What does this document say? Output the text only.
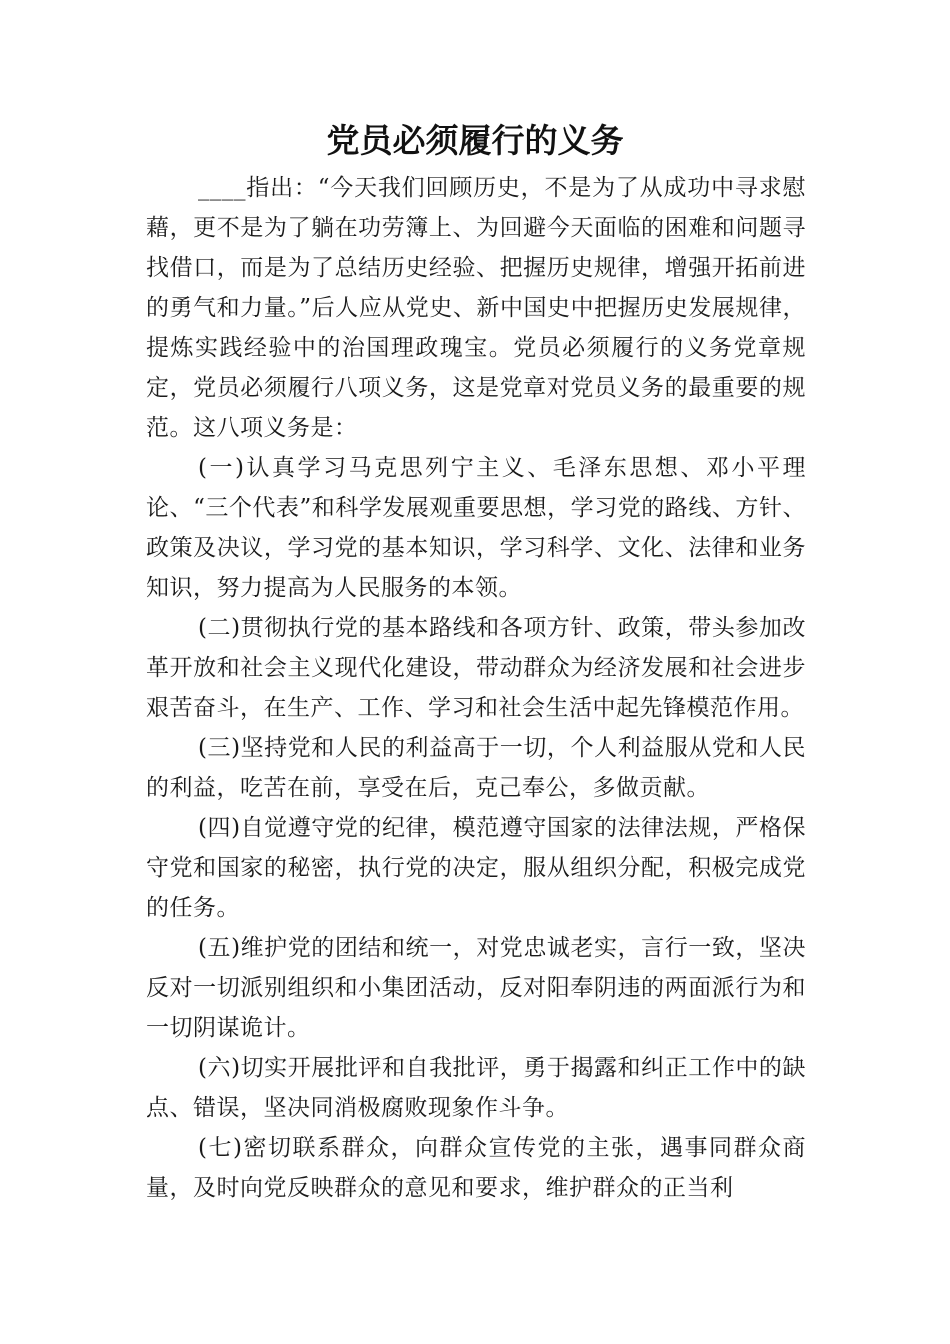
党员必须履行的义务

____指出：“今天我们回顾历史，不是为了从成功中寻求慰藉，更不是为了躺在功劳簿上、为回避今天面临的困难和问题寻找借口，而是为了总结历史经验、把握历史规律，增强开拓前进的勇气和力量。”后人应从党史、新中国史中把握历史发展规律，提炼实践经验中的治国理政瑰宝。党员必须履行的义务党章规定，党员必须履行八项义务，这是党章对党员义务的最重要的规范。这八项义务是：

(一)认真学习马克思列宁主义、毛泽东思想、邓小平理论、“三个代表”和科学发展观重要思想，学习党的路线、方针、政策及决议，学习党的基本知识，学习科学、文化、法律和业务知识，努力提高为人民服务的本领。

(二)贯彻执行党的基本路线和各项方针、政策，带头参加改革开放和社会主义现代化建设，带动群众为经济发展和社会进步艰苦奋斗，在生产、工作、学习和社会生活中起先锋模范作用。

(三)坚持党和人民的利益高于一切，个人利益服从党和人民的利益，吃苦在前，享受在后，克己奉公，多做贡献。

(四)自觉遵守党的纪律，模范遵守国家的法律法规，严格保守党和国家的秘密，执行党的决定，服从组织分配，积极完成党的任务。

(五)维护党的团结和统一，对党忠诚老实，言行一致，坚决反对一切派别组织和小集团活动，反对阳奉阴违的两面派行为和一切阴谋诡计。

(六)切实开展批评和自我批评，勇于揭露和纠正工作中的缺点、错误，坚决同消极腐败现象作斗争。

(七)密切联系群众，向群众宣传党的主张，遇事同群众商量，及时向党反映群众的意见和要求，维护群众的正当利
